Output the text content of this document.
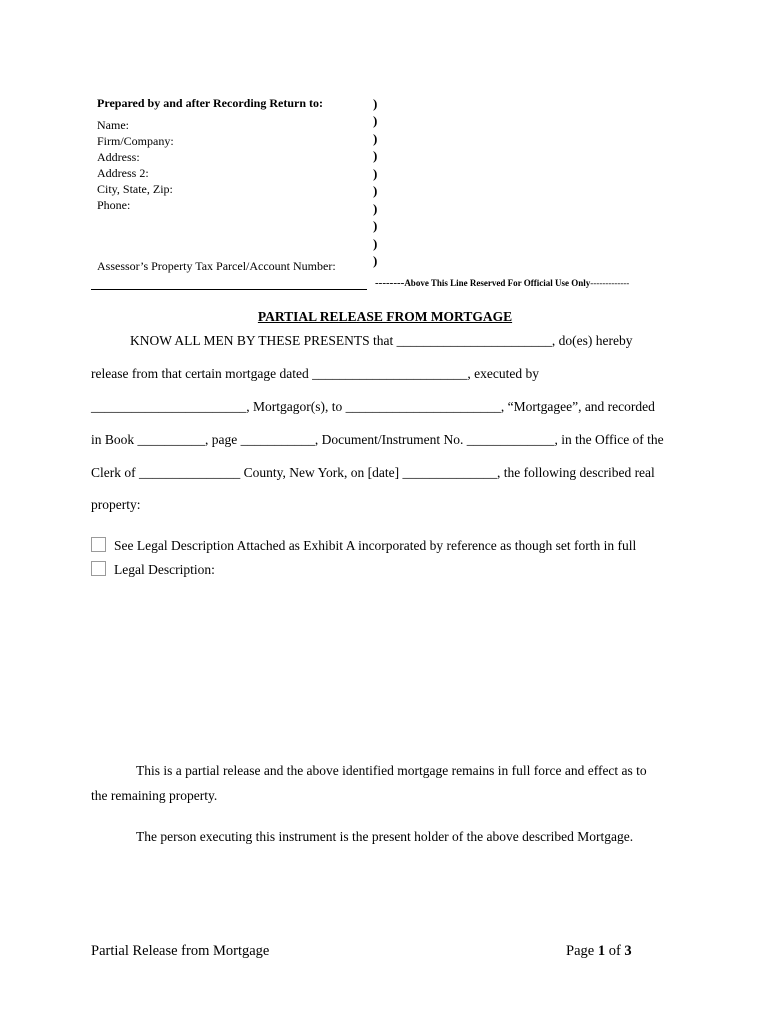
Prepared by and after Recording Return to:
Name:
Firm/Company:
Address:
Address 2:
City, State, Zip:
Phone:
)
)
)
)
)
)
)
)
)
)
Assessor’s Property Tax Parcel/Account Number:
--------Above This Line Reserved For Official Use Only-------------
PARTIAL RELEASE FROM MORTGAGE
KNOW ALL MEN BY THESE PRESENTS that _______________________, do(es) hereby
release from that certain mortgage dated _______________________, executed by
_______________________, Mortgagor(s), to _______________________, “Mortgagee”, and recorded
in Book __________, page ___________, Document/Instrument No. _____________, in the Office of the
Clerk of _______________ County, New York, on [date] ______________, the following described real
property:
See Legal Description Attached as Exhibit A incorporated by reference as though set forth in full
Legal Description:
This is a partial release and the above identified mortgage remains in full force and effect as to
the remaining property.
The person executing this instrument is the present holder of the above described Mortgage.
Partial Release from Mortgage	Page 1 of 3
